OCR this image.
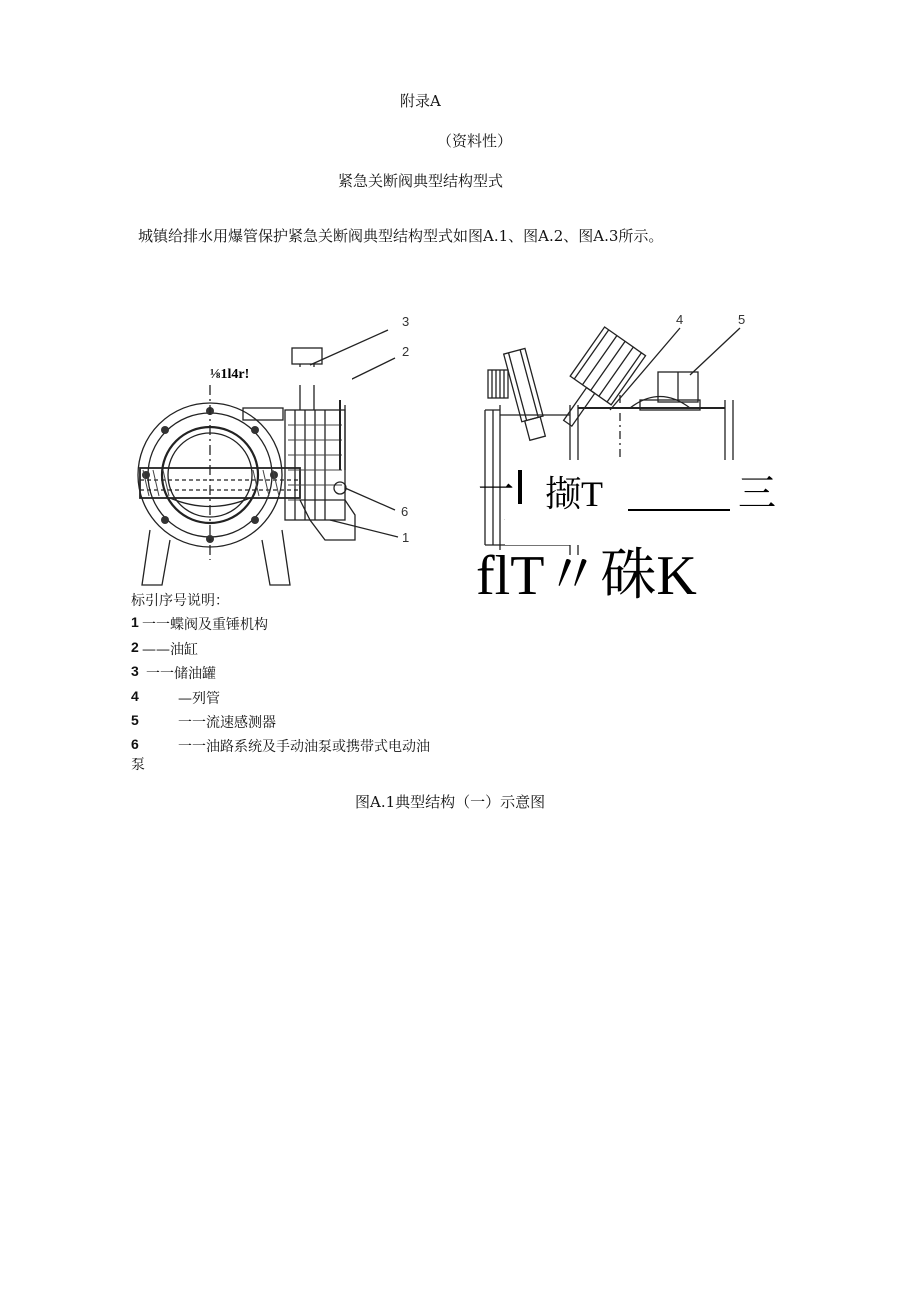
附录A
（资料性）
紧急关断阀典型结构型式
城镇给排水用爆管保护紧急关断阀典型结构型式如图A.1、图A.2、图A.3所示。
3
2
6
1
4	5
⅛1l4r!
一 撷T	三
flT〃硃K
标引序号说明：
1 一一蝶阀及重锤机构
2 ——油缸
3 一一储油罐
4	—列管
5	一一流速感测器
6	一一油路系统及手动油泵或携带式电动油
泵
图A.1典型结构（一）示意图
